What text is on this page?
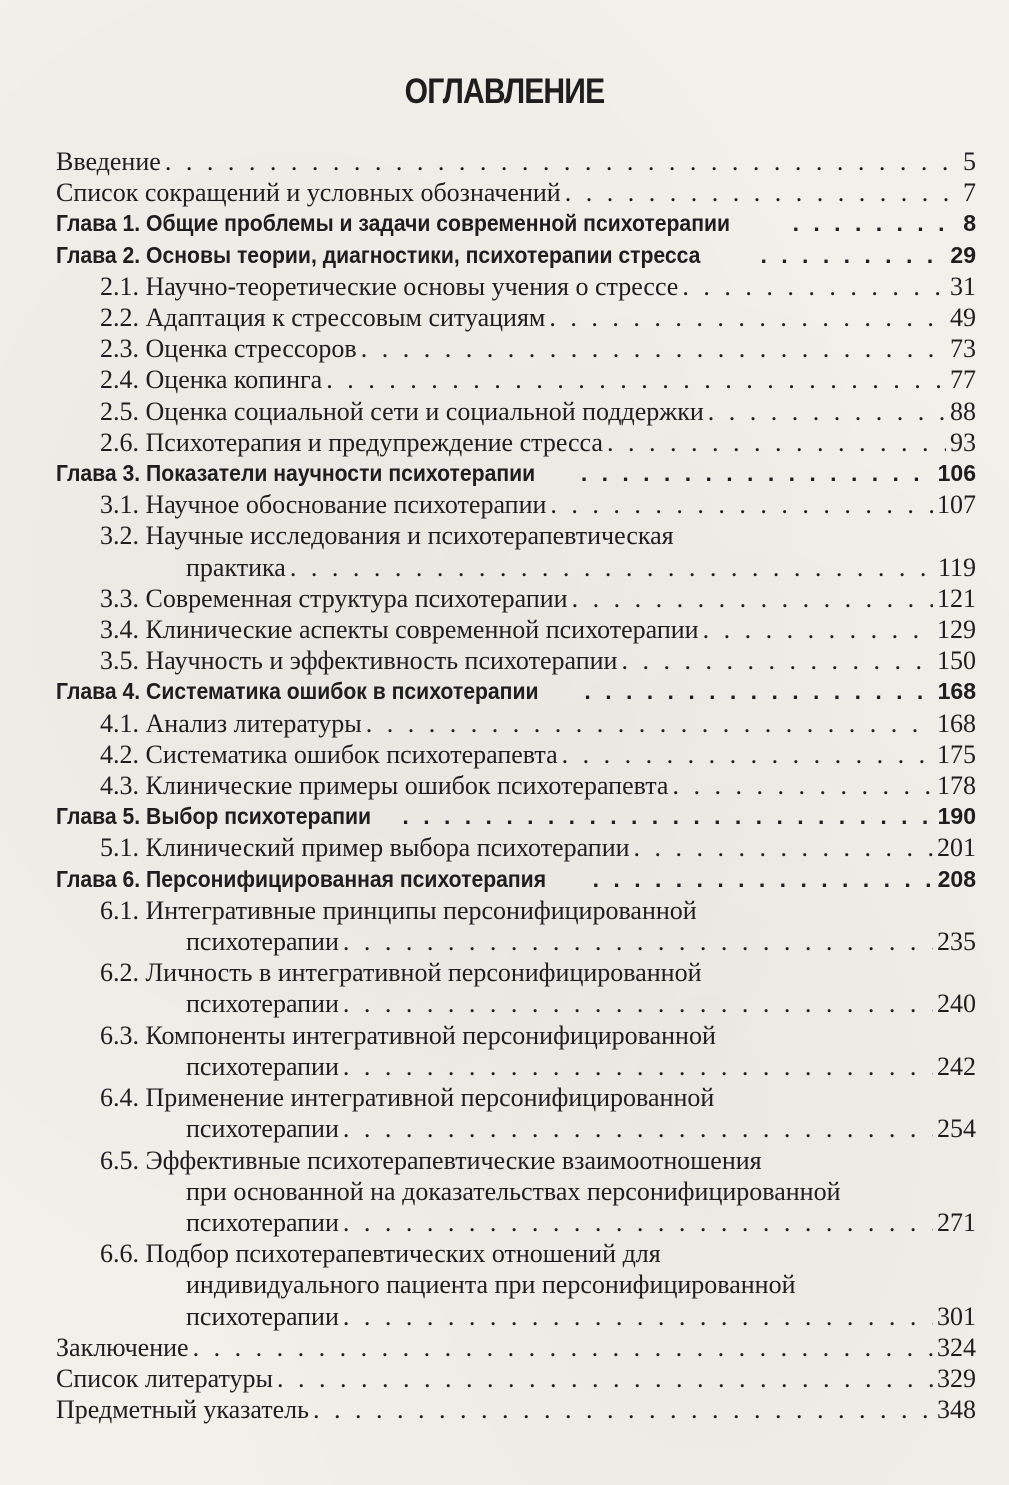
ОГЛАВЛЕНИЕ
Введение . . .	5
Список сокращений и условных обозначений . . .	7
Глава 1. Общие проблемы и задачи современной психотерапии . . .	8
Глава 2. Основы теории, диагностики, психотерапии стресса . . .	29
2.1. Научно-теоретические основы учения о стрессе . . .	31
2.2. Адаптация к стрессовым ситуациям . . .	49
2.3. Оценка стрессоров . . .	73
2.4. Оценка копинга . . .	77
2.5. Оценка социальной сети и социальной поддержки . . .	88
2.6. Психотерапия и предупреждение стресса . . .	93
Глава 3. Показатели научности психотерапии . . .	106
3.1. Научное обоснование психотерапии . . .	107
3.2. Научные исследования и психотерапевтическая
практика . . .	119
3.3. Современная структура психотерапии . . .	121
3.4. Клинические аспекты современной психотерапии . . .	129
3.5. Научность и эффективность психотерапии . . .	150
Глава 4. Систематика ошибок в психотерапии . . .	168
4.1. Анализ литературы . . .	168
4.2. Систематика ошибок психотерапевта . . .	175
4.3. Клинические примеры ошибок психотерапевта . . .	178
Глава 5. Выбор психотерапии . . .	190
5.1. Клинический пример выбора психотерапии . . .	201
Глава 6. Персонифицированная психотерапия . . .	208
6.1. Интегративные принципы персонифицированной
психотерапии . . .	235
6.2. Личность в интегративной персонифицированной
психотерапии . . .	240
6.3. Компоненты интегративной персонифицированной
психотерапии . . .	242
6.4. Применение интегративной персонифицированной
психотерапии . . .	254
6.5. Эффективные психотерапевтические взаимоотношения
при основанной на доказательствах персонифицированной
психотерапии . . .	271
6.6. Подбор психотерапевтических отношений для
индивидуального пациента при персонифицированной
психотерапии . . .	301
Заключение . . .	324
Список литературы . . .	329
Предметный указатель . . .	348
